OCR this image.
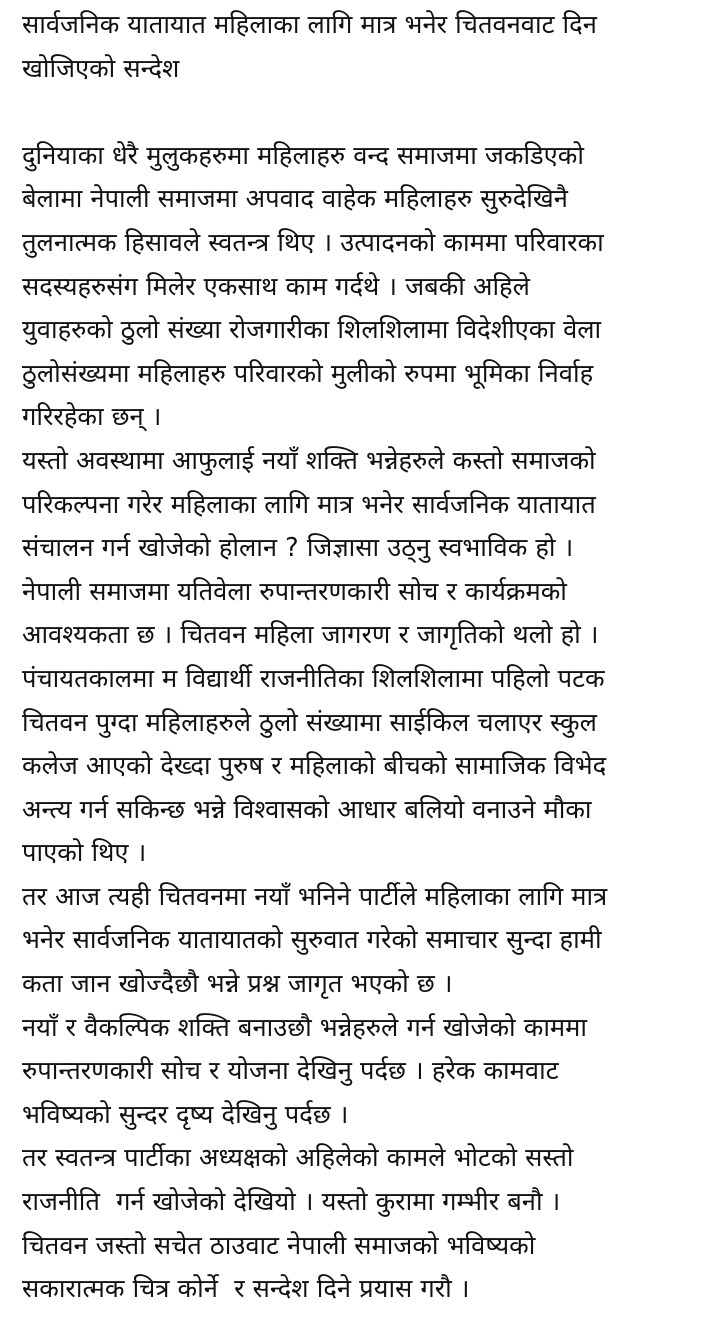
सार्वजनिक यातायात महिलाका लागि मात्र भनेर चितवनवाट दिन
खोजिएको सन्देश
दुनियाका धेरै मुलुकहरुमा महिलाहरु वन्द समाजमा जकडिएको
बेलामा नेपाली समाजमा अपवाद वाहेक महिलाहरु सुरुदेखिनै
तुलनात्मक हिसावले स्वतन्त्र थिए । उत्पादनको काममा परिवारका
सदस्यहरुसंग मिलेर एकसाथ काम गर्दथे । जबकी अहिले
युवाहरुको ठुलो संख्या रोजगारीका शिलशिलामा विदेशीएका वेला
ठुलोसंख्यमा महिलाहरु परिवारको मुलीको रुपमा भूमिका निर्वाह
गरिरहेका छन् ।
यस्तो अवस्थामा आफुलाई नयाँ शक्ति भन्नेहरुले कस्तो समाजको
परिकल्पना गरेर महिलाका लागि मात्र भनेर सार्वजनिक यातायात
संचालन गर्न खोजेको होलान ? जिज्ञासा उठ्नु स्वभाविक हो ।
नेपाली समाजमा यतिवेला रुपान्तरणकारी सोच र कार्यक्रमको
आवश्यकता छ । चितवन महिला जागरण र जागृतिको थलो हो ।
पंचायतकालमा म विद्यार्थी राजनीतिका शिलशिलामा पहिलो पटक
चितवन पुग्दा महिलाहरुले ठुलो संख्यामा साईकिल चलाएर स्कुल
कलेज आएको देख्दा पुरुष र महिलाको बीचको सामाजिक विभेद
अन्त्य गर्न सकिन्छ भन्ने विश्वासको आधार बलियो वनाउने मौका
पाएको थिए ।
तर आज त्यही चितवनमा नयाँ भनिने पार्टीले महिलाका लागि मात्र
भनेर सार्वजनिक यातायातको सुरुवात गरेको समाचार सुन्दा हामी
कता जान खोज्दैछौ भन्ने प्रश्न जागृत भएको छ ।
नयाँ र वैकल्पिक शक्ति बनाउछौ भन्नेहरुले गर्न खोजेको काममा
रुपान्तरणकारी सोच र योजना देखिनु पर्दछ । हरेक कामवाट
भविष्यको सुन्दर दृष्य देखिनु पर्दछ ।
तर स्वतन्त्र पार्टीका अध्यक्षको अहिलेको कामले भोटको सस्तो
राजनीति  गर्न खोजेको देखियो । यस्तो कुरामा गम्भीर बनौ ।
चितवन जस्तो सचेत ठाउवाट नेपाली समाजको भविष्यको
सकारात्मक चित्र कोर्ने  र सन्देश दिने प्रयास गरौ ।
